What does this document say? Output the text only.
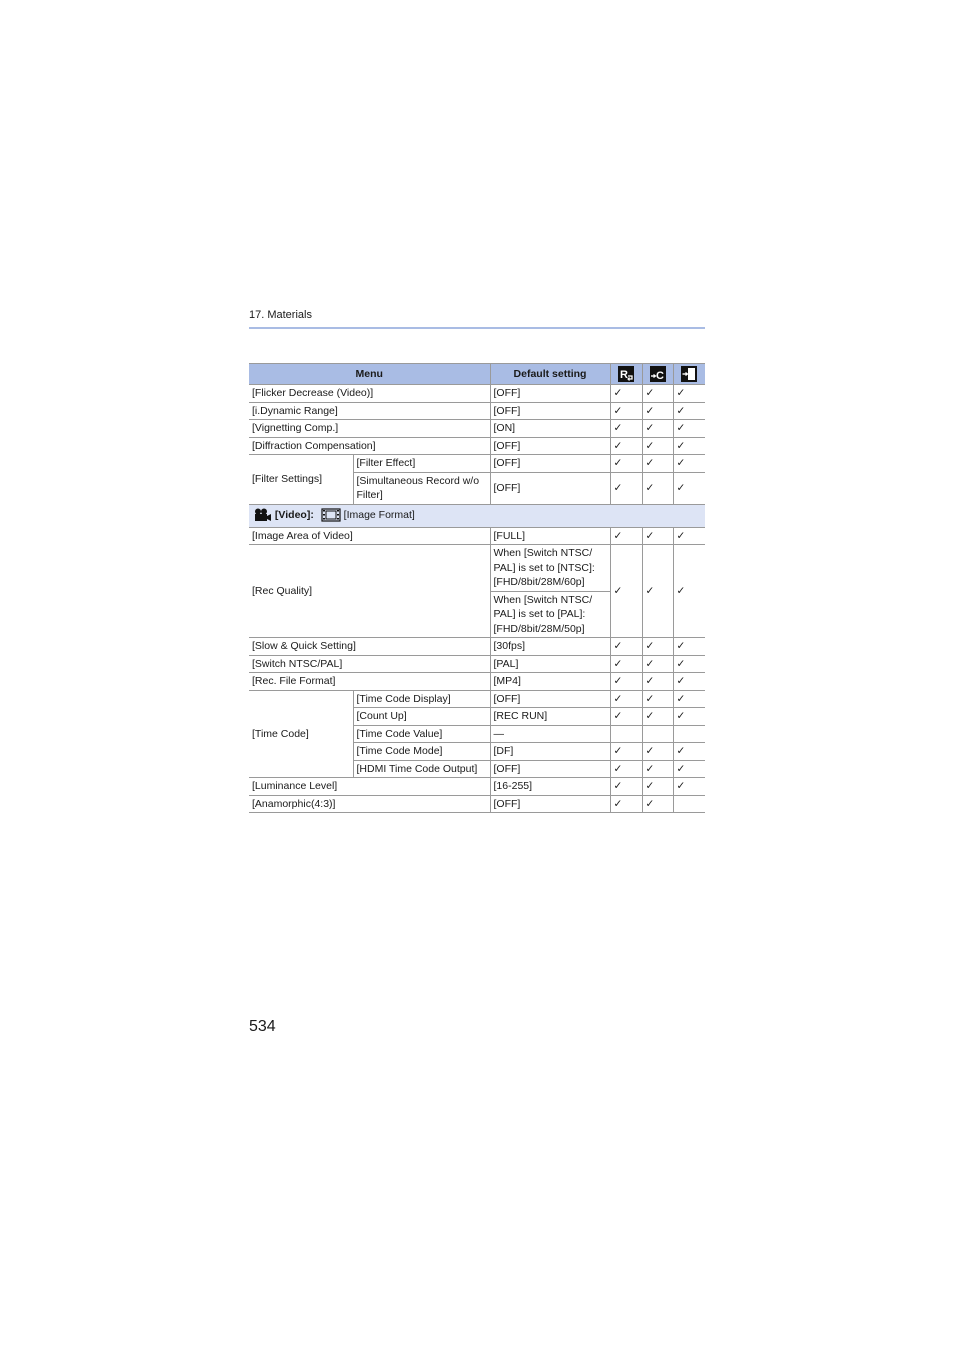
17. Materials
Menu		Default setting	R	C

[Flicker Decrease (Video)]		[OFF]	✓	✓	✓
[i.Dynamic Range]		[OFF]	✓	✓	✓
[Vignetting Comp.]		[ON]	✓	✓	✓
[Diffraction Compensation]		[OFF]	✓	✓	✓
[Filter Settings]	[Filter Effect]	[OFF]	✓	✓	✓
	[Simultaneous Record w/o Filter]	[OFF]	✓	✓	✓
[Video]: [Image Format]					
[Image Area of Video]		[FULL]	✓	✓	✓
[Rec Quality]		When [Switch NTSC/ PAL] is set to [NTSC]: [FHD/8bit/28M/60p]	✓	✓	✓
		When [Switch NTSC/ PAL] is set to [PAL]: [FHD/8bit/28M/50p]			
[Slow & Quick Setting]		[30fps]	✓	✓	✓
[Switch NTSC/PAL]		[PAL]	✓	✓	✓
[Rec. File Format]		[MP4]	✓	✓	✓
[Time Code]	[Time Code Display]	[OFF]	✓	✓	✓
	[Count Up]	[REC RUN]	✓	✓	✓
	[Time Code Value]	—			
	[Time Code Mode]	[DF]	✓	✓	✓
	[HDMI Time Code Output]	[OFF]	✓	✓	✓
[Luminance Level]		[16-255]	✓	✓	✓
[Anamorphic(4:3)]		[OFF]	✓	✓	
534
